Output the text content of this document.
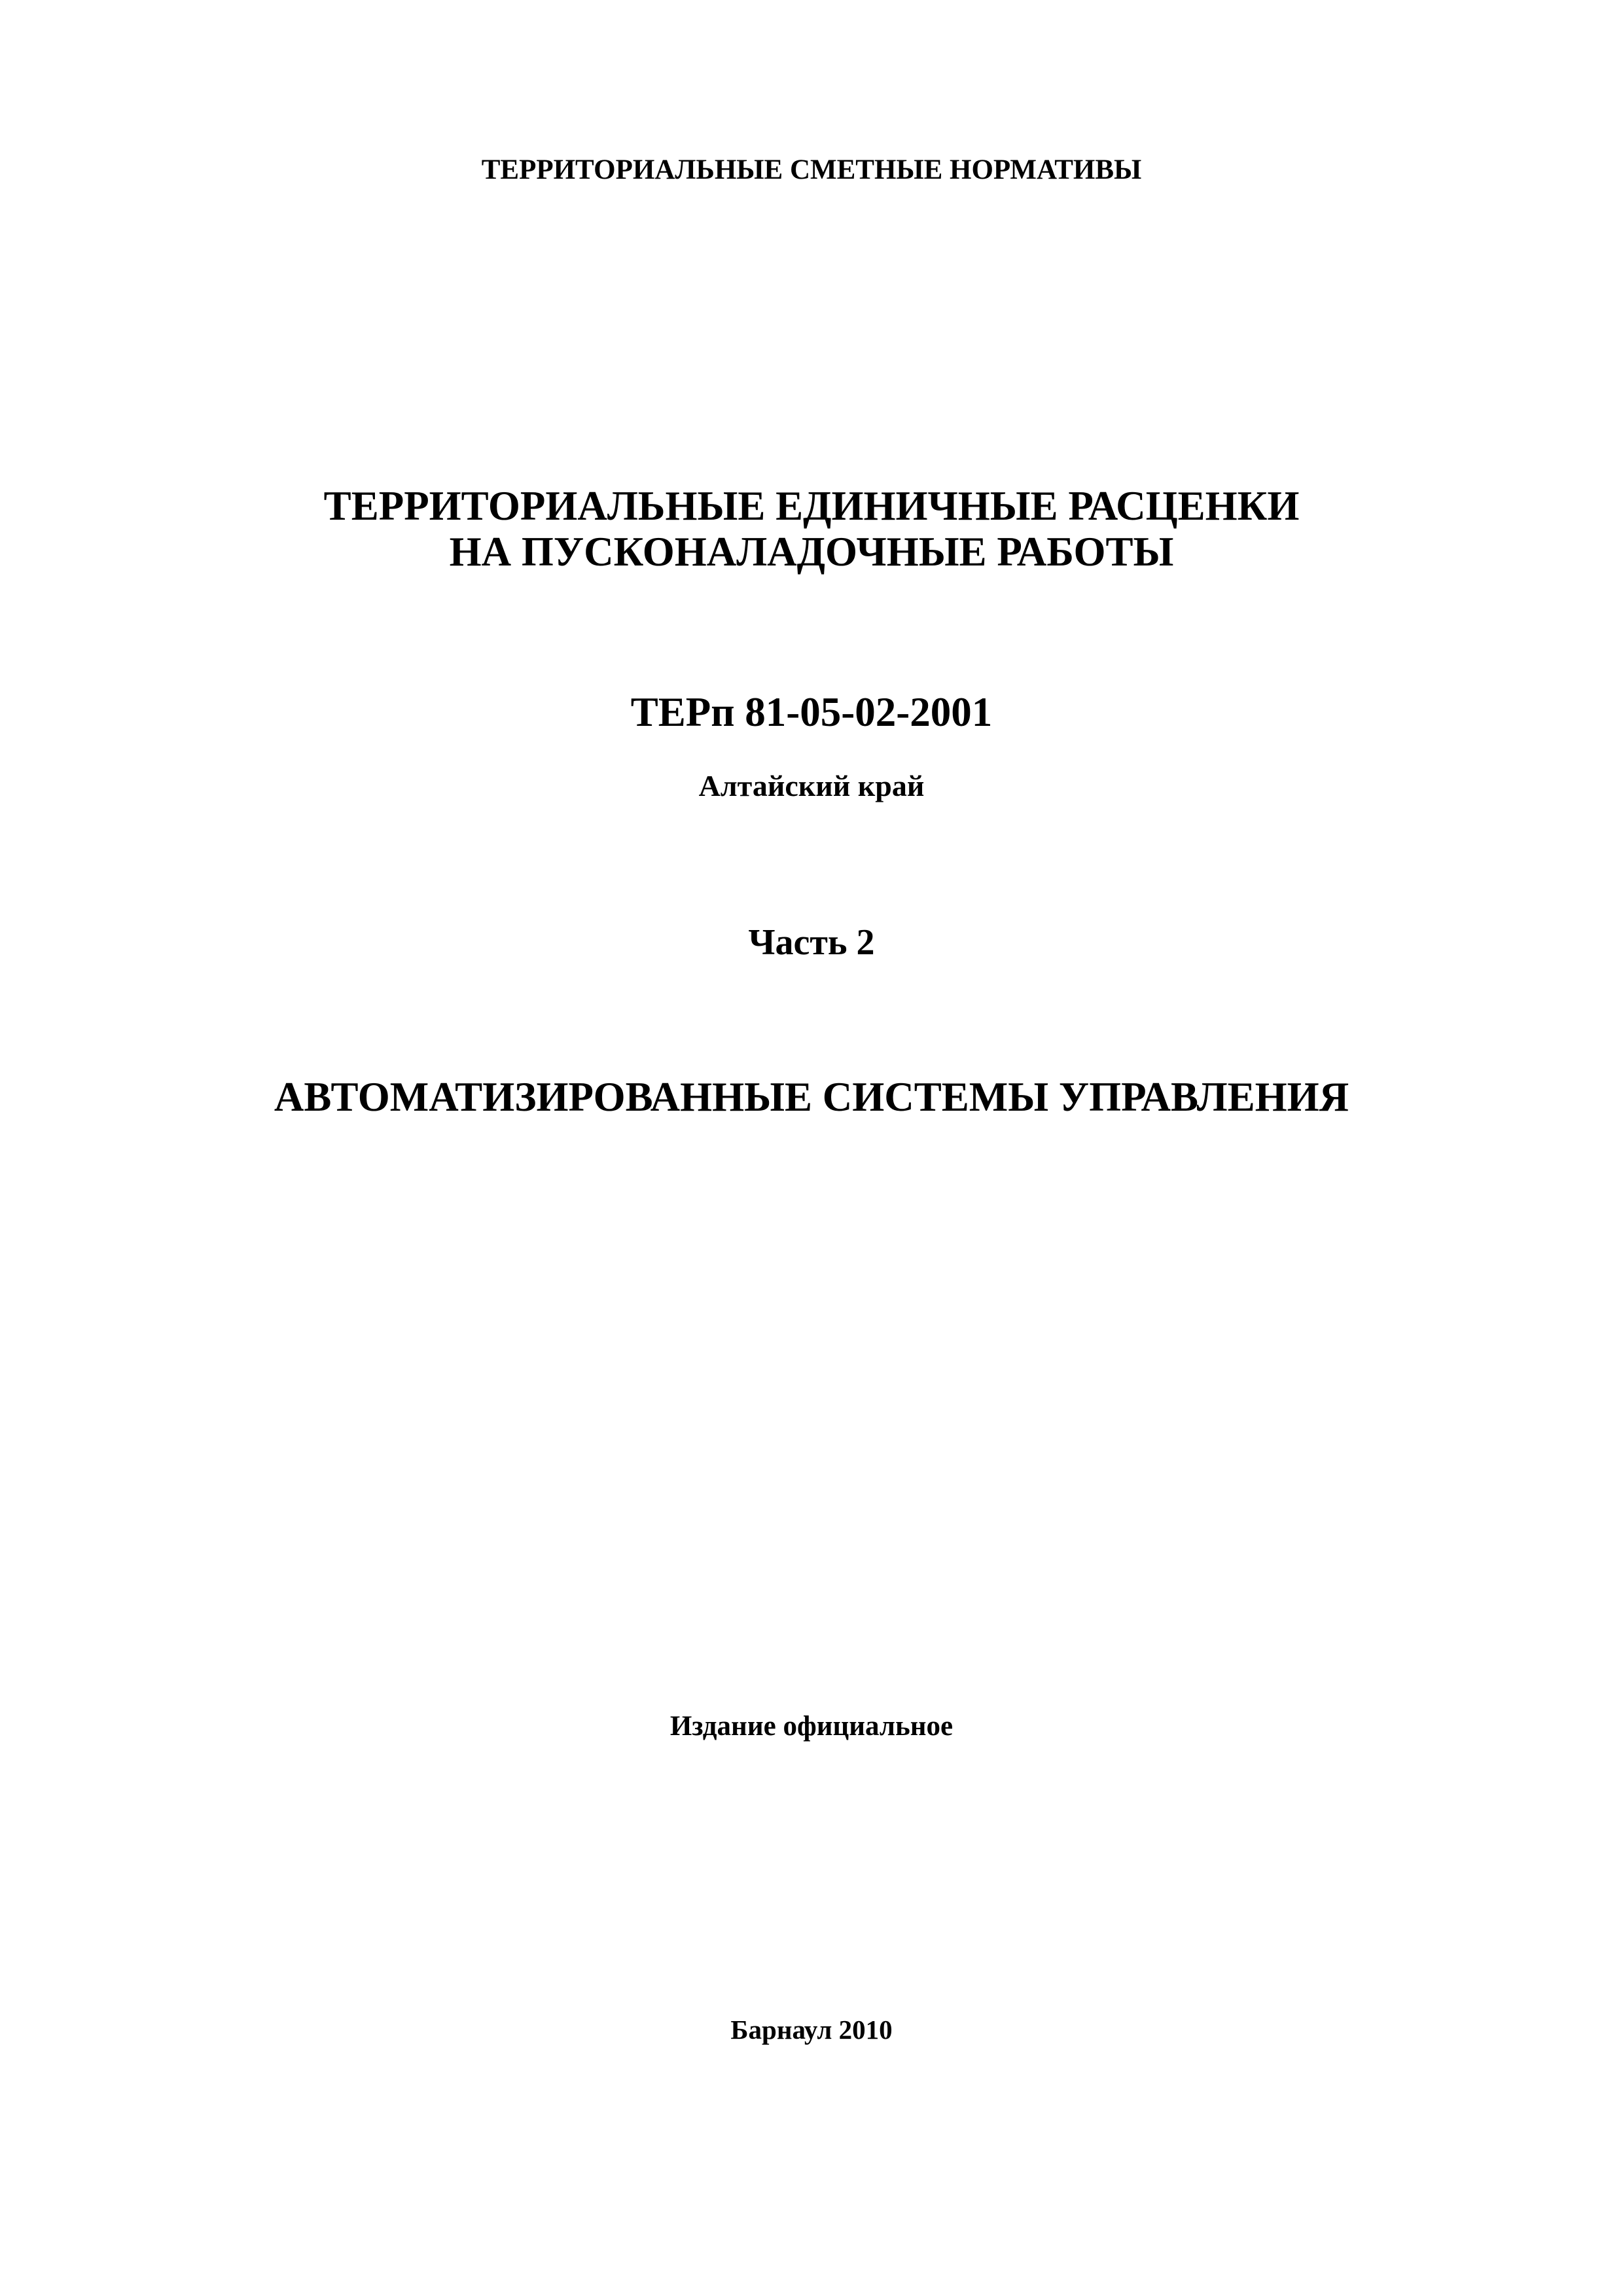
ТЕРРИТОРИАЛЬНЫЕ СМЕТНЫЕ НОРМАТИВЫ
ТЕРРИТОРИАЛЬНЫЕ ЕДИНИЧНЫЕ РАСЦЕНКИ
НА ПУСКОНАЛАДОЧНЫЕ РАБОТЫ
ТЕРп 81-05-02-2001
Алтайский край
Часть 2
АВТОМАТИЗИРОВАННЫЕ СИСТЕМЫ УПРАВЛЕНИЯ
Издание официальное
Барнаул 2010
